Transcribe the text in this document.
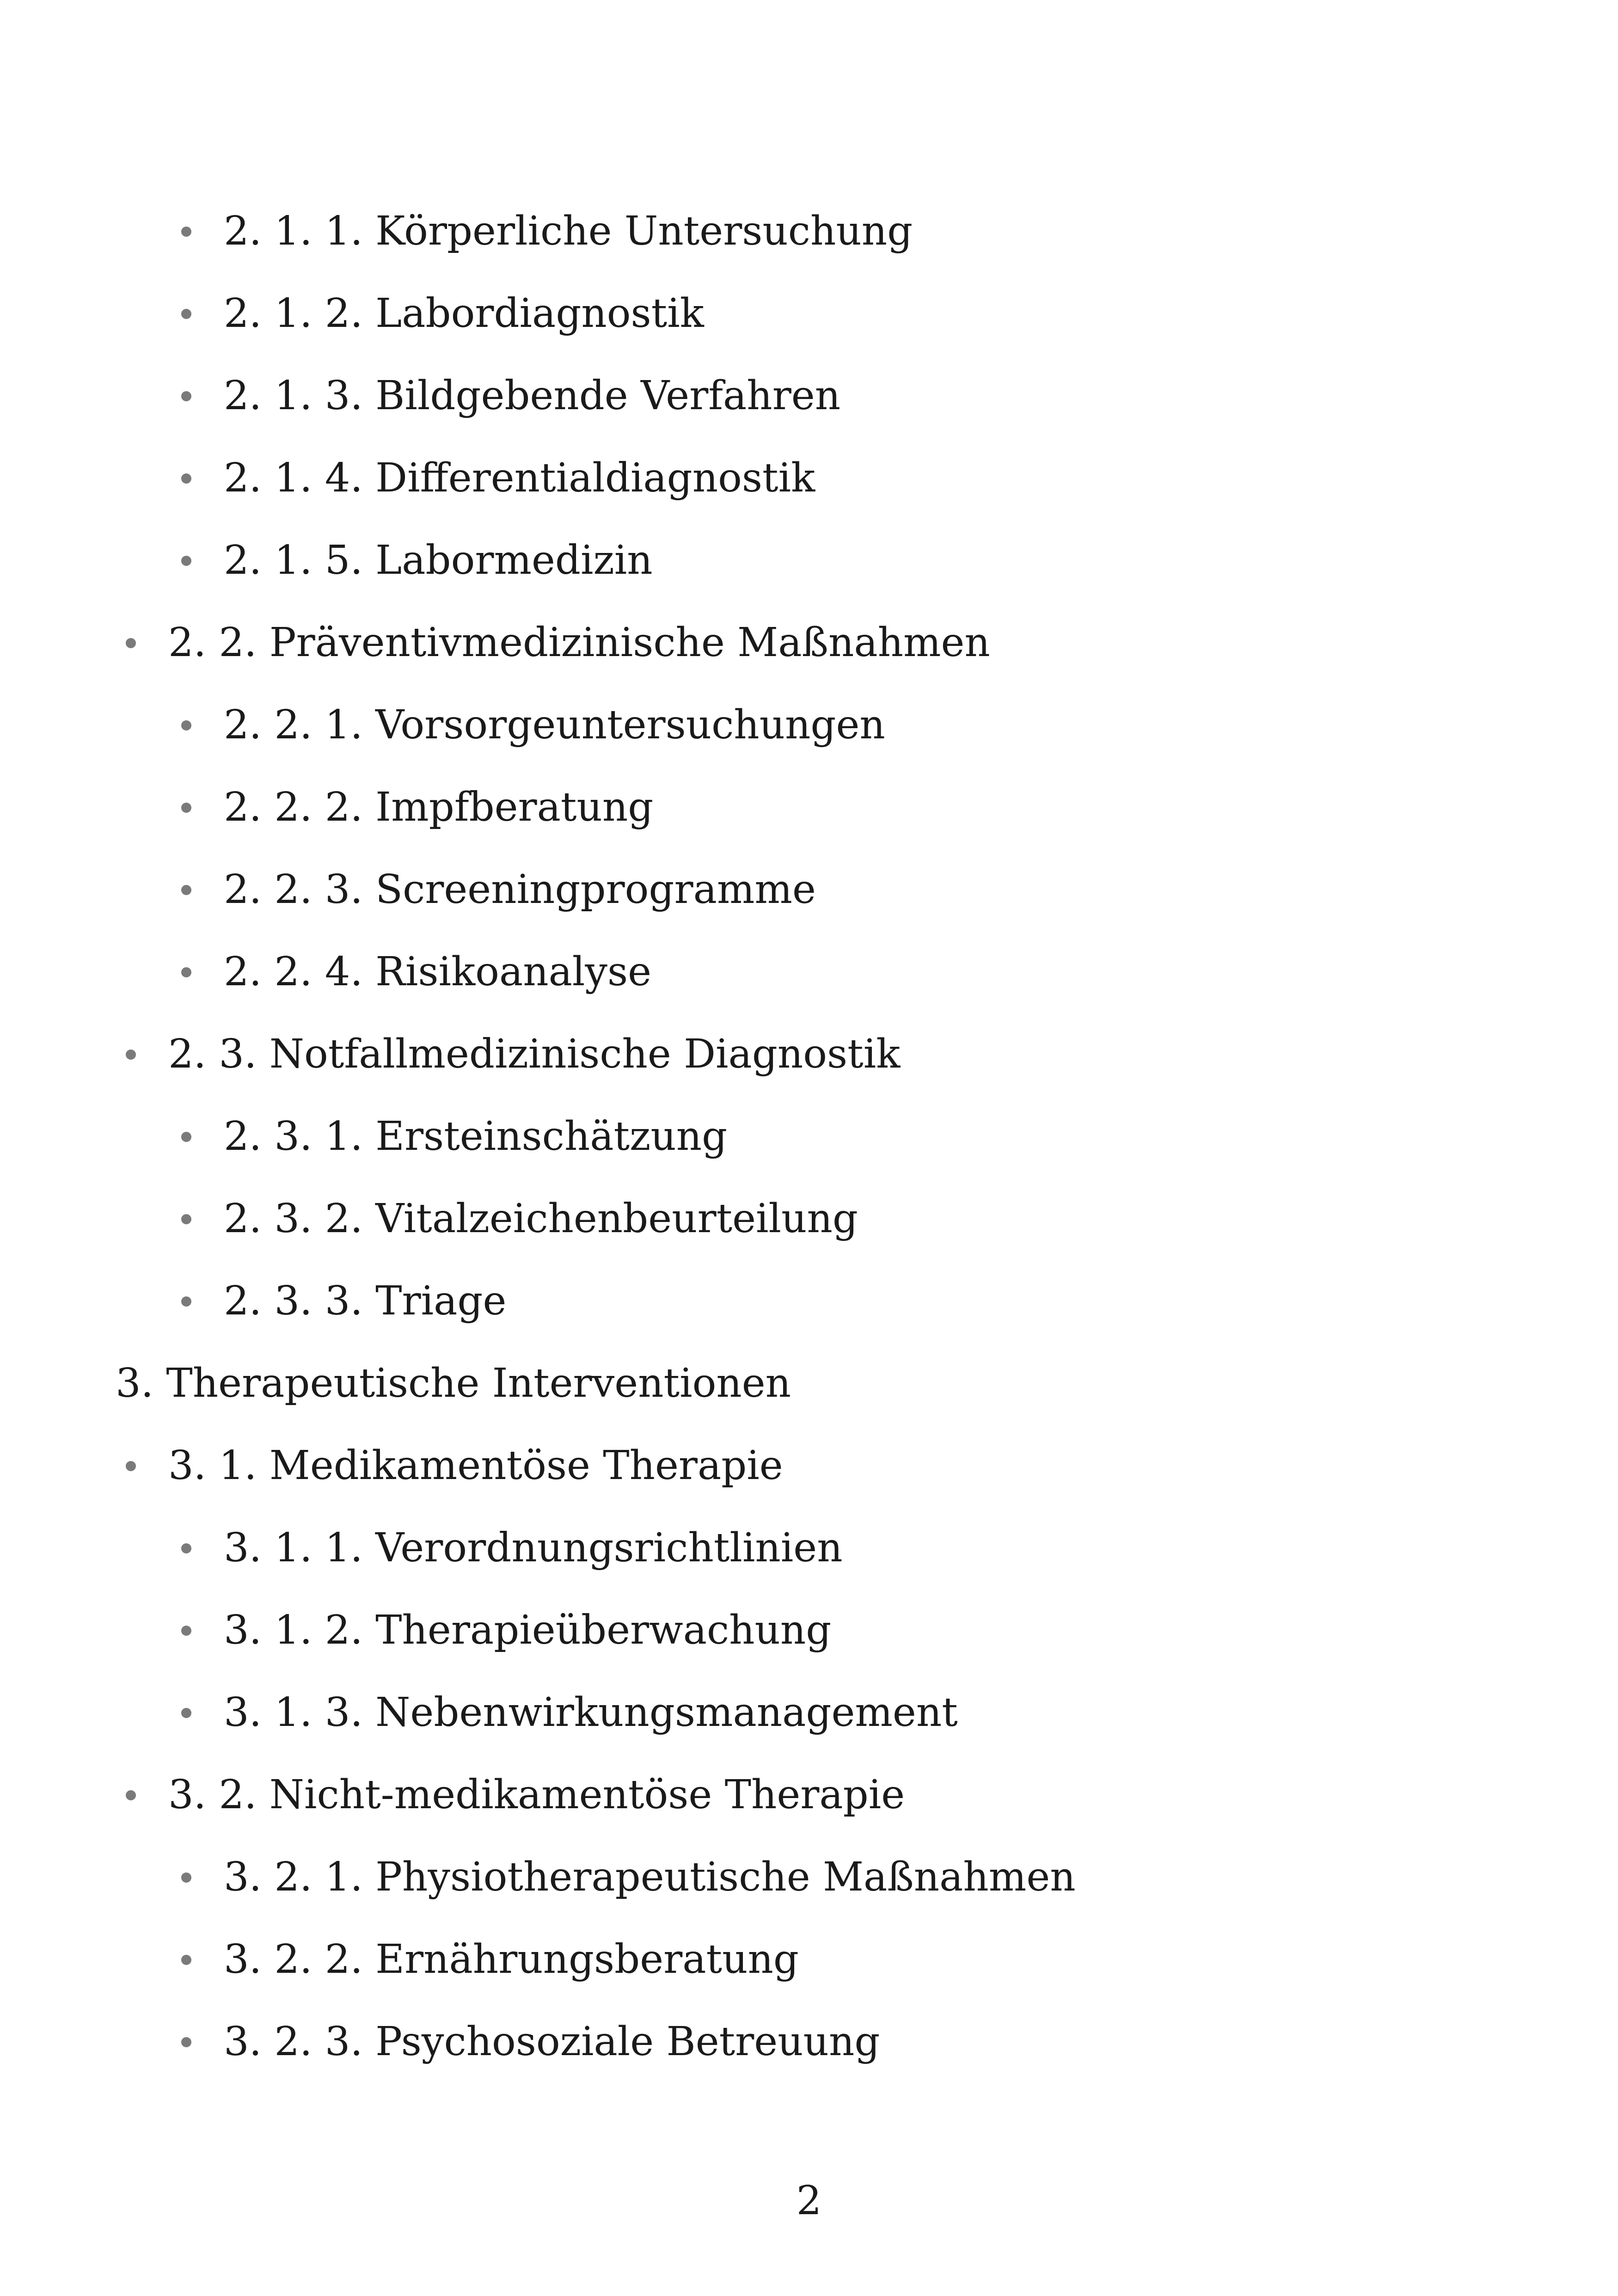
2. 1. 1. Körperliche Untersuchung
2. 1. 2. Labordiagnostik
2. 1. 3. Bildgebende Verfahren
2. 1. 4. Differentialdiagnostik
2. 1. 5. Labormedizin
2. 2. Präventivmedizinische Maßnahmen
2. 2. 1. Vorsorgeuntersuchungen
2. 2. 2. Impfberatung
2. 2. 3. Screeningprogramme
2. 2. 4. Risikoanalyse
2. 3. Notfallmedizinische Diagnostik
2. 3. 1. Ersteinschätzung
2. 3. 2. Vitalzeichenbeurteilung
2. 3. 3. Triage
3. Therapeutische Interventionen
3. 1. Medikamentöse Therapie
3. 1. 1. Verordnungsrichtlinien
3. 1. 2. Therapieüberwachung
3. 1. 3. Nebenwirkungsmanagement
3. 2. Nicht-medikamentöse Therapie
3. 2. 1. Physiotherapeutische Maßnahmen
3. 2. 2. Ernährungsberatung
3. 2. 3. Psychosoziale Betreuung
2
